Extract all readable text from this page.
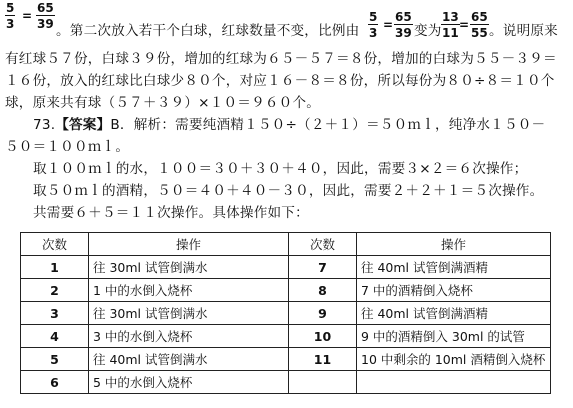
5
3
=
65
39 。第二次放入若干个白球，红球数量不变，比例由
5
3
=
65
39 变为
13
11
=
65
55 。说明原来
有红球５７份，白球３９份，增加的红球为６５－５７＝８份，增加的白球为５５－３９＝
１６份，放入的红球比白球少８０个，对应１６－８＝８份，所以每份为８０÷８＝１０个
球，原来共有球（５７＋３９）×１０＝９６０个。
73.【答案】B．解析：需要纯酒精１５０÷（２＋１）＝５０ｍｌ，纯净水１５０－
５０＝１００ｍｌ。
取１００ｍｌ的水，１００＝３０＋３０＋４０，因此，需要３×２＝６次操作；
取５０ｍｌ的酒精，５０＝４０＋４０－３０，因此，需要２＋２＋１＝５次操作。
共需要６＋５＝１１次操作。具体操作如下：
次数	操作	次数	操作
1	往 30ml 试管倒满水	7	往 40ml 试管倒满酒精
2	1 中的水倒入烧杯	8	7 中的酒精倒入烧杯
3	往 30ml 试管倒满水	9	往 40ml 试管倒满酒精
4	3 中的水倒入烧杯	10	9 中的酒精倒入 30ml 的试管
5	往 40ml 试管倒满水	11	10 中剩余的 10ml 酒精倒入烧杯
6	5 中的水倒入烧杯		
